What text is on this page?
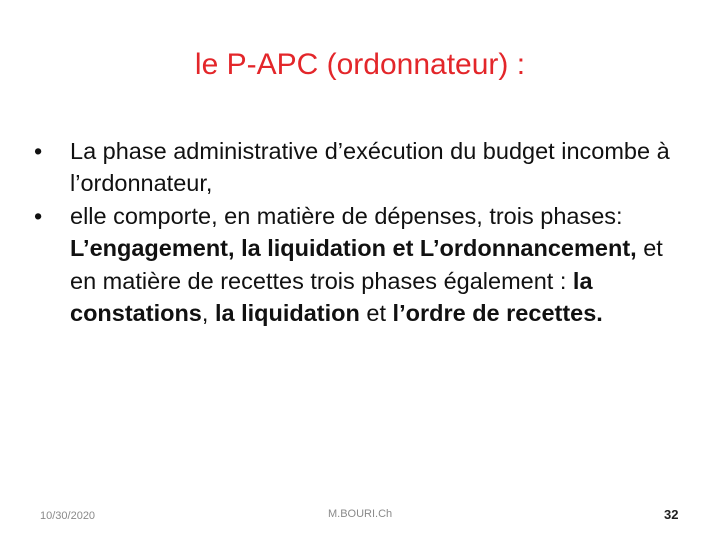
le P-APC (ordonnateur) :
• La phase administrative d’exécution du budget incombe à l’ordonnateur,
• elle comporte, en matière de dépenses, trois phases: L’engagement, la liquidation et L’ordonnancement, et en matière de recettes trois phases également : la constations, la liquidation et l’ordre de recettes.
10/30/2020	M.BOURI.Ch	32
